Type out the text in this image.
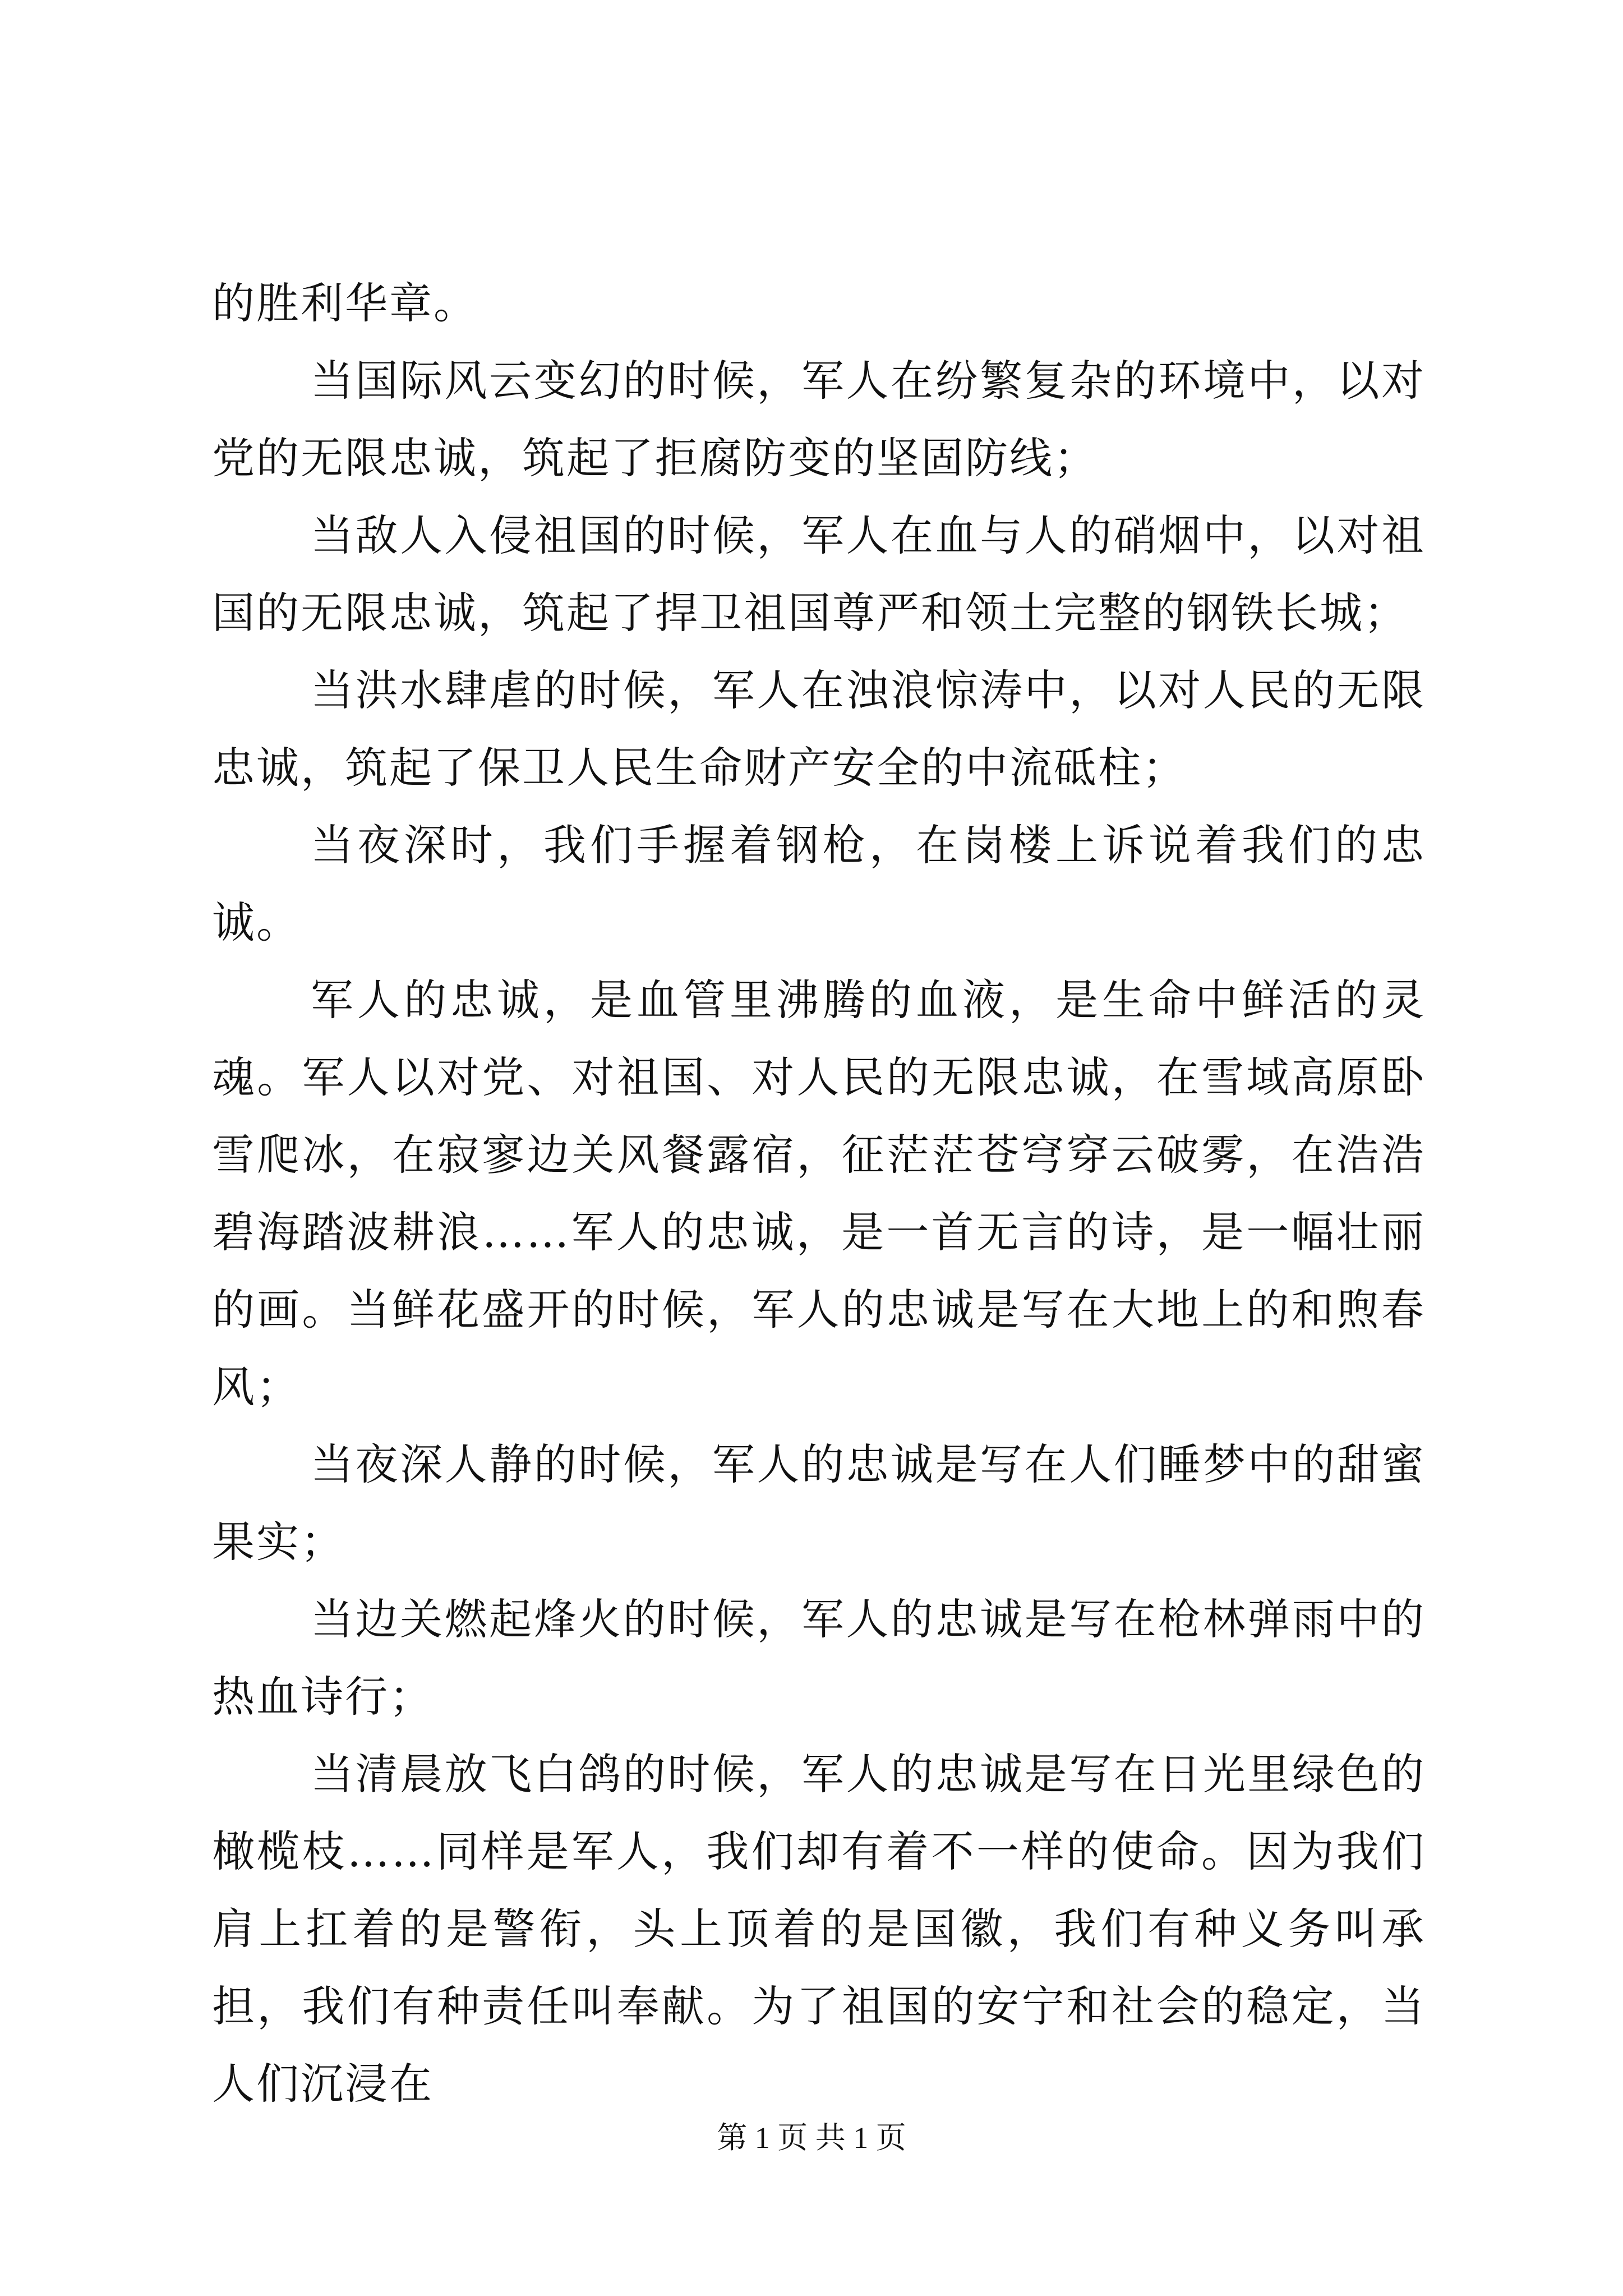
的胜利华章。

当国际风云变幻的时候，军人在纷繁复杂的环境中，以对党的无限忠诚，筑起了拒腐防变的坚固防线；

当敌人入侵祖国的时候，军人在血与人的硝烟中，以对祖国的无限忠诚，筑起了捍卫祖国尊严和领土完整的钢铁长城；

当洪水肆虐的时候，军人在浊浪惊涛中，以对人民的无限忠诚，筑起了保卫人民生命财产安全的中流砥柱；

当夜深时，我们手握着钢枪，在岗楼上诉说着我们的忠诚。

军人的忠诚，是血管里沸腾的血液，是生命中鲜活的灵魂。军人以对党、对祖国、对人民的无限忠诚，在雪域高原卧雪爬冰，在寂寥边关风餐露宿，征茫茫苍穹穿云破雾，在浩浩碧海踏波耕浪……军人的忠诚，是一首无言的诗，是一幅壮丽的画。当鲜花盛开的时候，军人的忠诚是写在大地上的和煦春风；

当夜深人静的时候，军人的忠诚是写在人们睡梦中的甜蜜果实；

当边关燃起烽火的时候，军人的忠诚是写在枪林弹雨中的热血诗行；

当清晨放飞白鸽的时候，军人的忠诚是写在日光里绿色的橄榄枝……同样是军人，我们却有着不一样的使命。因为我们肩上扛着的是警衔，头上顶着的是国徽，我们有种义务叫承担，我们有种责任叫奉献。为了祖国的安宁和社会的稳定，当人们沉浸在

第 1 页 共 1 页
